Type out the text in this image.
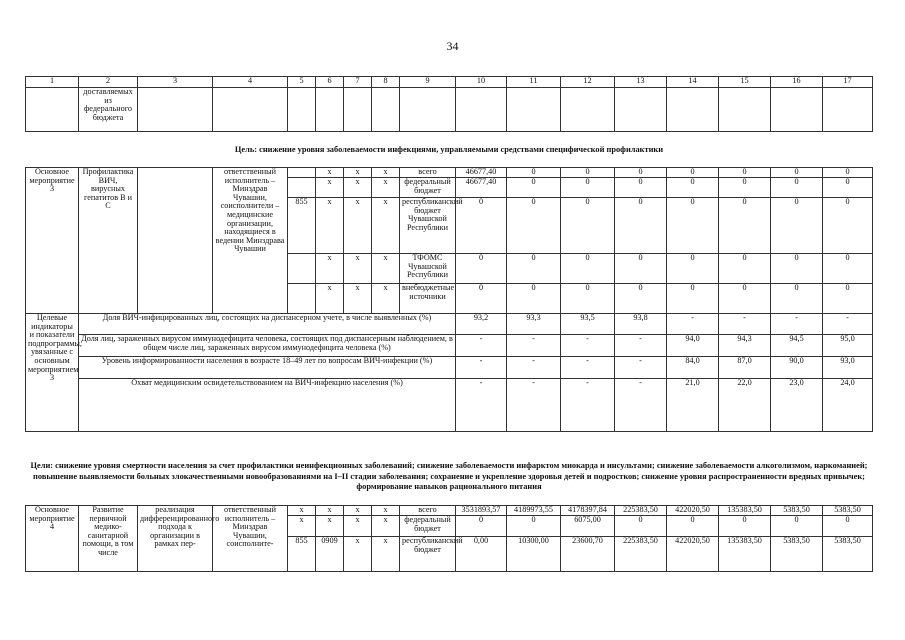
34
1	2	3	4	5	6	7	8	9	10	11	12	13	14	15	16	17
	доставляемых из федерального бюджета															
Цель: снижение уровня заболеваемости инфекциями, управляемыми средствами специфической профилактики
Основное мероприятие 3	Профилактика ВИЧ, вирусных гепатитов В и С		ответственный исполнитель – Минздрав Чувашии, соисполнители – медицинские организации, находящиеся в ведении Минздрава Чувашии		x	x	x	всего	46677,40	0	0	0	0	0	0	0
					x	x	x	федеральный бюджет	46677,40	0	0	0	0	0	0	0
				855	x	x	x	республиканский бюджет Чувашской Республики	0	0	0	0	0	0	0	0
					x	x	x	ТФОМС Чувашской Республики	0	0	0	0	0	0	0	0
					x	x	x	внебюджетные источники	0	0	0	0	0	0	0	0
Целевые индикаторы и показатели подпрограммы, увязанные с основным мероприятием 3	Доля ВИЧ-инфицированных лиц, состоящих на диспансерном учете, в числе выявленных (%)								93,2	93,3	93,5	93,8	-	-	-	-
	Доля лиц, зараженных вирусом иммунодефицита человека, состоящих под диспансерным наблюдением, в общем числе лиц, зараженных вирусом иммунодефицита человека (%)								-	-	-	-	94,0	94,3	94,5	95,0
	Уровень информированности населения в возрасте 18–49 лет по вопросам ВИЧ-инфекции (%)								-	-	-	-	84,0	87,0	90,0	93,0
	Охват медицинским освидетельствованием на ВИЧ-инфекцию населения (%)								-	-	-	-	21,0	22,0	23,0	24,0
Цели: снижение уровня смертности населения за счет профилактики неинфекционных заболеваний; снижение заболеваемости инфарктом миокарда и инсультами; снижение заболеваемости алкоголизмом, наркоманией; повышение выявляемости больных злокачественными новообразованиями на I–II стадии заболевания; сохранение и укрепление здоровья детей и подростков; снижение уровня распространенности вредных привычек; формирование навыков рационального питания
Основное мероприятие 4	Развитие первичной медико-санитарной помощи, в том числе	реализация дифференцированного подхода к организации в рамках пер-	ответственный исполнитель – Минздрав Чувашии, соисполните-	x	x	x	x	всего	3531893,57	4189973,55	4178397,84	225383,50	422020,50	135383,50	5383,50	5383,50
				x	x	x	x	федеральный бюджет	0	0	6075,00	0	0	0	0	0
				855	0909	x	x	республиканский бюджет	0,00	10300,00	23600,70	225383,50	422020,50	135383,50	5383,50	5383,50
